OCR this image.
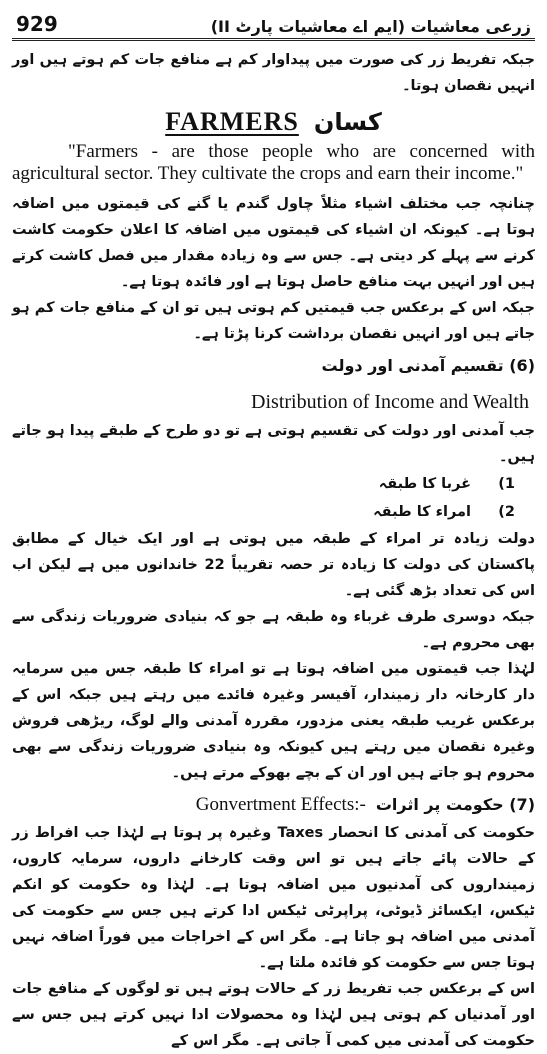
929	زرعی معاشیات (ایم اے معاشیات پارٹ II)

جبکہ تفریط زر کی صورت میں پیداوار کم ہے منافع جات کم ہوتے ہیں اور انہیں نقصان ہوتا۔

FARMERS کسان

"Farmers - are those people who are concerned with agricultural sector. They cultivate the crops and earn their income."

چنانچہ جب مختلف اشیاء مثلاً چاول گندم یا گنے کی قیمتوں میں اضافہ ہوتا ہے۔ کیونکہ ان اشیاء کی قیمتوں میں اضافہ کا اعلان حکومت کاشت کرنے سے پہلے کر دیتی ہے۔ جس سے وہ زیادہ مقدار میں فصل کاشت کرتے ہیں اور انہیں بہت منافع حاصل ہوتا ہے اور فائدہ ہوتا ہے۔

جبکہ اس کے برعکس جب قیمتیں کم ہوتی ہیں تو ان کے منافع جات کم ہو جاتے ہیں اور انہیں نقصان برداشت کرنا پڑتا ہے۔

(6) تقسیم آمدنی اور دولت
Distribution of Income and Wealth

جب آمدنی اور دولت کی تقسیم ہوتی ہے تو دو طرح کے طبقے پیدا ہو جاتے ہیں۔

1)
غربا کا طبقہ
2)
امراء کا طبقہ

دولت زیادہ تر امراء کے طبقہ میں ہوتی ہے اور ایک خیال کے مطابق پاکستان کی دولت کا زیادہ تر حصہ تقریباً 22 خاندانوں میں ہے لیکن اب اس کی تعداد بڑھ گئی ہے۔

جبکہ دوسری طرف غرباء وہ طبقہ ہے جو کہ بنیادی ضروریات زندگی سے بھی محروم ہے۔

لہٰذا جب قیمتوں میں اضافہ ہوتا ہے تو امراء کا طبقہ جس میں سرمایہ دار کارخانہ دار زمیندار، آفیسر وغیرہ فائدے میں رہتے ہیں جبکہ اس کے برعکس غریب طبقہ یعنی مزدور، مقررہ آمدنی والے لوگ، ریڑھی فروش وغیرہ نقصان میں رہتے ہیں کیونکہ وہ بنیادی ضروریات زندگی سے بھی محروم ہو جاتے ہیں اور ان کے بچے بھوکے مرتے ہیں۔

(7) حکومت پر اثرات
Gonvertment Effects:-

حکومت کی آمدنی کا انحصار Taxes وغیرہ پر ہوتا ہے لہٰذا جب افراط زر کے حالات پائے جاتے ہیں تو اس وقت کارخانے داروں، سرمایہ کاروں، زمینداروں کی آمدنیوں میں اضافہ ہوتا ہے۔ لہٰذا وہ حکومت کو انکم ٹیکس، ایکسائز ڈیوٹی، پراپرٹی ٹیکس ادا کرتے ہیں جس سے حکومت کی آمدنی میں اضافہ ہو جاتا ہے۔ مگر اس کے اخراجات میں فوراً اضافہ نہیں ہوتا جس سے حکومت کو فائدہ ملتا ہے۔

اس کے برعکس جب تفریط زر کے حالات ہوتے ہیں تو لوگوں کے منافع جات اور آمدنیاں کم ہوتی ہیں لہٰذا وہ محصولات ادا نہیں کرتے ہیں جس سے حکومت کی آمدنی میں کمی آ جاتی ہے۔ مگر اس کے
